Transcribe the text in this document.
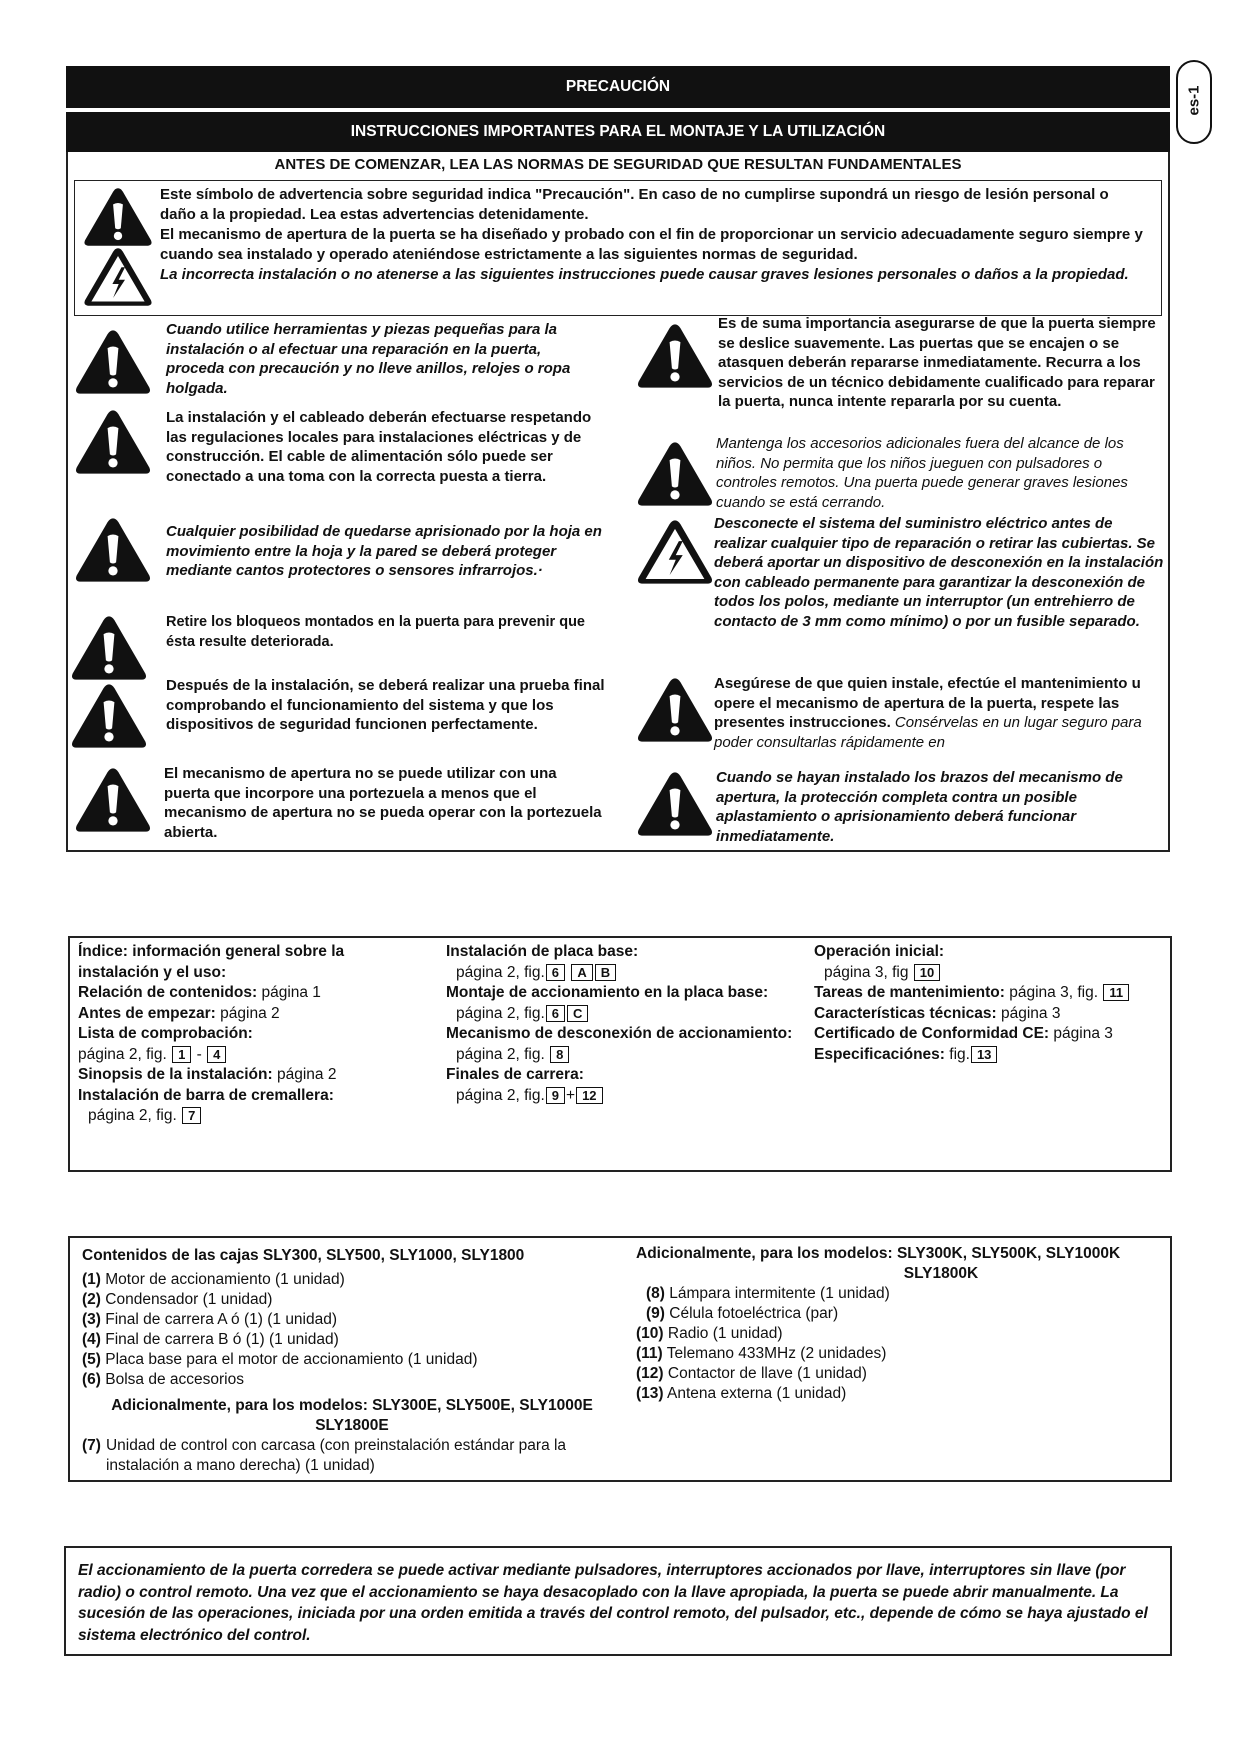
es-1
PRECAUCIÓN
INSTRUCCIONES IMPORTANTES PARA EL MONTAJE Y LA UTILIZACIÓN
ANTES DE COMENZAR, LEA LAS NORMAS DE SEGURIDAD QUE RESULTAN FUNDAMENTALES
Este símbolo de advertencia sobre seguridad indica "Precaución". En caso de no cumplirse supondrá un riesgo de lesión personal o daño a la propiedad. Lea estas advertencias detenidamente.
El mecanismo de apertura de la puerta se ha diseñado y probado con el fin de proporcionar un servicio adecuadamente seguro siempre y cuando sea instalado y operado ateniéndose estrictamente a las siguientes normas de seguridad.
La incorrecta instalación o no atenerse a las siguientes instrucciones puede causar graves lesiones personales o daños a la propiedad.
Cuando utilice herramientas y piezas pequeñas para la instalación o al efectuar una reparación en la puerta, proceda con precaución y no lleve anillos, relojes o ropa holgada.
La instalación y el cableado deberán efectuarse respetando las regulaciones locales para instalaciones eléctricas y de construcción. El cable de alimentación sólo puede ser conectado a una toma con la correcta puesta a tierra.
Cualquier posibilidad de quedarse aprisionado por la hoja en movimiento entre la hoja y la pared se deberá proteger mediante cantos protectores o sensores infrarrojos.·
Retire los bloqueos montados en la puerta para prevenir que ésta resulte deteriorada.
Después de la instalación, se deberá realizar una prueba final comprobando el funcionamiento del sistema y que los dispositivos de seguridad funcionen perfectamente.
El mecanismo de apertura no se puede utilizar con una puerta que incorpore una portezuela a menos que el mecanismo de apertura no se pueda operar con la portezuela abierta.
Es de suma importancia asegurarse de que la puerta siempre se deslice suavemente. Las puertas que se encajen o se atasquen deberán repararse inmediatamente. Recurra a los servicios de un técnico debidamente cualificado para reparar la puerta, nunca intente repararla por su cuenta.
Mantenga los accesorios adicionales fuera del alcance de los niños. No permita que los niños jueguen con pulsadores o controles remotos. Una puerta puede generar graves lesiones cuando se está cerrando.
Desconecte el sistema del suministro eléctrico antes de realizar cualquier tipo de reparación o retirar las cubiertas. Se deberá aportar un dispositivo de desconexión en la instalación con cableado permanente para garantizar la desconexión de todos los polos, mediante un interruptor (un entrehierro de contacto de 3 mm como mínimo) o por un fusible separado.
Asegúrese de que quien instale, efectúe el mantenimiento u opere el mecanismo de apertura de la puerta, respete las presentes instrucciones. Consérvelas en un lugar seguro para poder consultarlas rápidamente en
Cuando se hayan instalado los brazos del mecanismo de apertura, la protección completa contra un posible aplastamiento o aprisionamiento deberá funcionar inmediatamente.
Índice: información general sobre la instalación y el uso:
Relación de contenidos: página 1
Antes de empezar: página 2
Lista de comprobación:
página 2, fig. 1 - 4
Sinopsis de la instalación: página 2
Instalación de barra de cremallera:
página 2, fig. 7
Instalación de placa base:
página 2, fig. 6 A B
Montaje de accionamiento en la placa base:
página 2, fig. 6 C
Mecanismo de desconexión de accionamiento:
página 2, fig. 8
Finales de carrera:
página 2, fig. 9 + 12
Operación inicial:
página 3, fig 10
Tareas de mantenimiento: página 3, fig. 11
Características técnicas: página 3
Certificado de Conformidad CE: página 3
Especificaciónes: fig. 13
Contenidos de las cajas SLY300, SLY500, SLY1000, SLY1800
(1) Motor de accionamiento (1 unidad)
(2) Condensador (1 unidad)
(3) Final de carrera A ó (1) (1 unidad)
(4) Final de carrera B ó (1) (1 unidad)
(5) Placa base para el motor de accionamiento (1 unidad)
(6) Bolsa de accesorios
Adicionalmente, para los modelos: SLY300E, SLY500E, SLY1000E
SLY1800E
(7) Unidad de control con carcasa (con preinstalación estándar para la instalación a mano derecha) (1 unidad)
Adicionalmente, para los modelos: SLY300K, SLY500K, SLY1000K
SLY1800K
(8) Lámpara intermitente (1 unidad)
(9) Célula fotoeléctrica (par)
(10) Radio (1 unidad)
(11) Telemano 433MHz (2 unidades)
(12) Contactor de llave (1 unidad)
(13) Antena externa (1 unidad)
El accionamiento de la puerta corredera se puede activar mediante pulsadores, interruptores accionados por llave, interruptores sin llave (por radio) o control remoto. Una vez que el accionamiento se haya desacoplado con la llave apropiada, la puerta se puede abrir manualmente. La sucesión de las operaciones, iniciada por una orden emitida a través del control remoto, del pulsador, etc., depende de cómo se haya ajustado el sistema electrónico del control.
